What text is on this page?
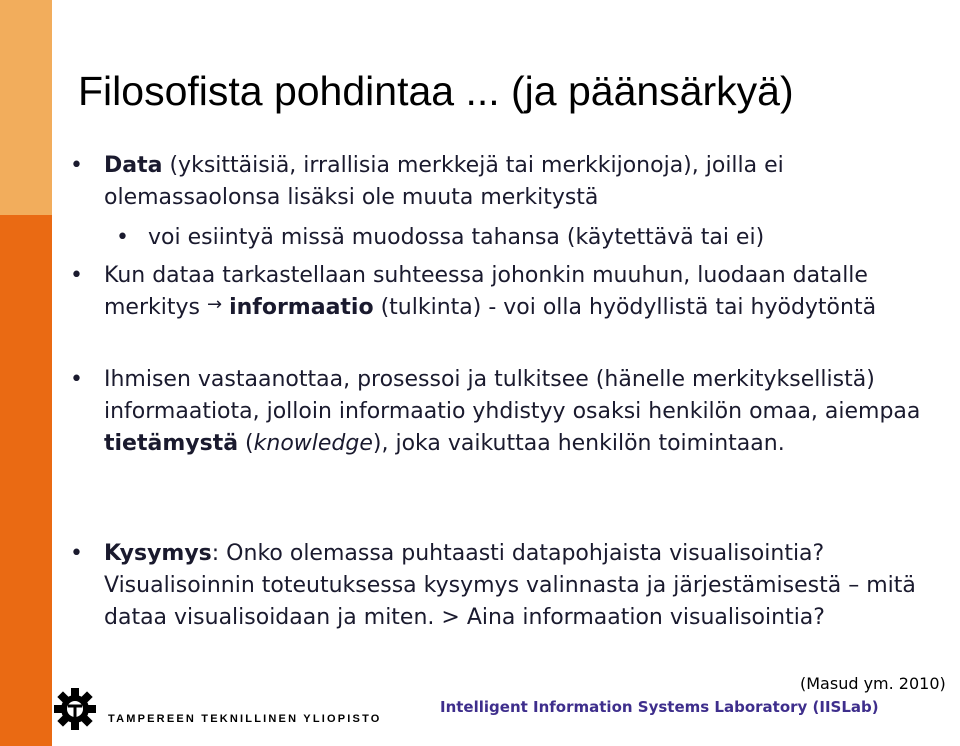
Filosofista pohdintaa ... (ja päänsärkyä)
• Data (yksittäisiä, irrallisia merkkejä tai merkkijonoja), joilla ei olemassaolonsa lisäksi ole muuta merkitystä
• voi esiintyä missä muodossa tahansa (käytettävä tai ei)
• Kun dataa tarkastellaan suhteessa johonkin muuhun, luodaan datalle merkitys → informaatio (tulkinta) - voi olla hyödyllistä tai hyödytöntä
• Ihmisen vastaanottaa, prosessoi ja tulkitsee (hänelle merkityksellistä) informaatiota, jolloin informaatio yhdistyy osaksi henkilön omaa, aiempaa tietämystä (knowledge), joka vaikuttaa henkilön toimintaan.
• Kysymys: Onko olemassa puhtaasti datapohjaista visualisointia? Visualisoinnin toteutuksessa kysymys valinnasta ja järjestämisestä – mitä dataa visualisoidaan ja miten. > Aina informaation visualisointia?
TAMPEREEN TEKNILLINEN YLIOPISTO
(Masud ym. 2010)
Intelligent Information Systems Laboratory (IISLab)
